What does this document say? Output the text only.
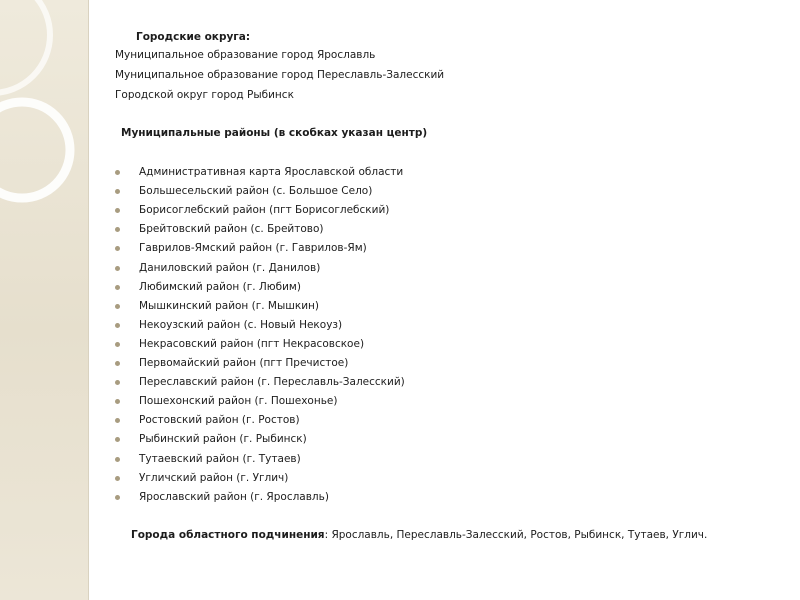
Городские округа:
Муниципальное образование город Ярославль
Муниципальное образование город Переславль-Залесский
Городской округ город Рыбинск
Муниципальные районы (в скобках указан центр)
Административная карта Ярославской области
Большесельский район (с. Большое Село)
Борисоглебский район (пгт Борисоглебский)
Брейтовский район (с. Брейтово)
Гаврилов-Ямский район (г. Гаврилов-Ям)
Даниловский район (г. Данилов)
Любимский район (г. Любим)
Мышкинский район (г. Мышкин)
Некоузский район (с. Новый Некоуз)
Некрасовский район (пгт Некрасовское)
Первомайский район (пгт Пречистое)
Переславский район (г. Переславль-Залесский)
Пошехонский район (г. Пошехонье)
Ростовский район (г. Ростов)
Рыбинский район (г. Рыбинск)
Тутаевский район (г. Тутаев)
Угличский район (г. Углич)
Ярославский район (г. Ярославль)
Города областного подчинения: Ярославль, Переславль-Залесский, Ростов, Рыбинск, Тутаев, Углич.
